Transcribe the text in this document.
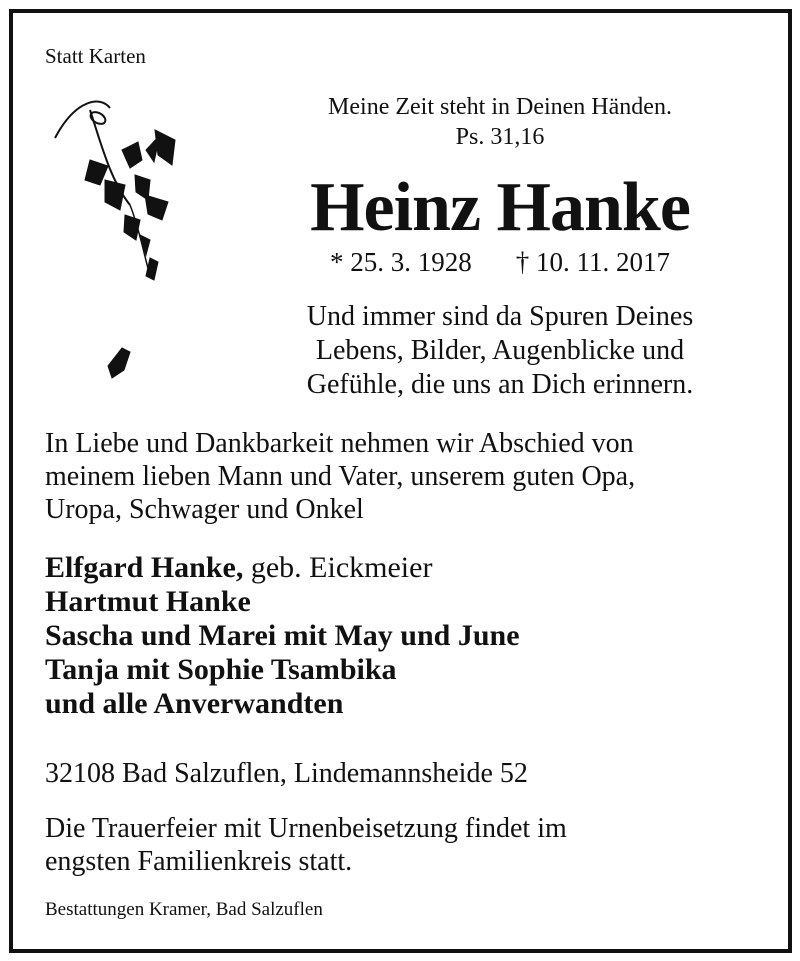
Statt Karten
Meine Zeit steht in Deinen Händen.
Ps. 31,16
Heinz Hanke
* 25. 3. 1928 † 10. 11. 2017
Und immer sind da Spuren Deines
Lebens, Bilder, Augenblicke und
Gefühle, die uns an Dich erinnern.
In Liebe und Dankbarkeit nehmen wir Abschied von
meinem lieben Mann und Vater, unserem guten Opa,
Uropa, Schwager und Onkel
Elfgard Hanke, geb. Eickmeier
Hartmut Hanke
Sascha und Marei mit May und June
Tanja mit Sophie Tsambika
und alle Anverwandten
32108 Bad Salzuflen, Lindemannsheide 52
Die Trauerfeier mit Urnenbeisetzung findet im
engsten Familienkreis statt.
Bestattungen Kramer, Bad Salzuflen
